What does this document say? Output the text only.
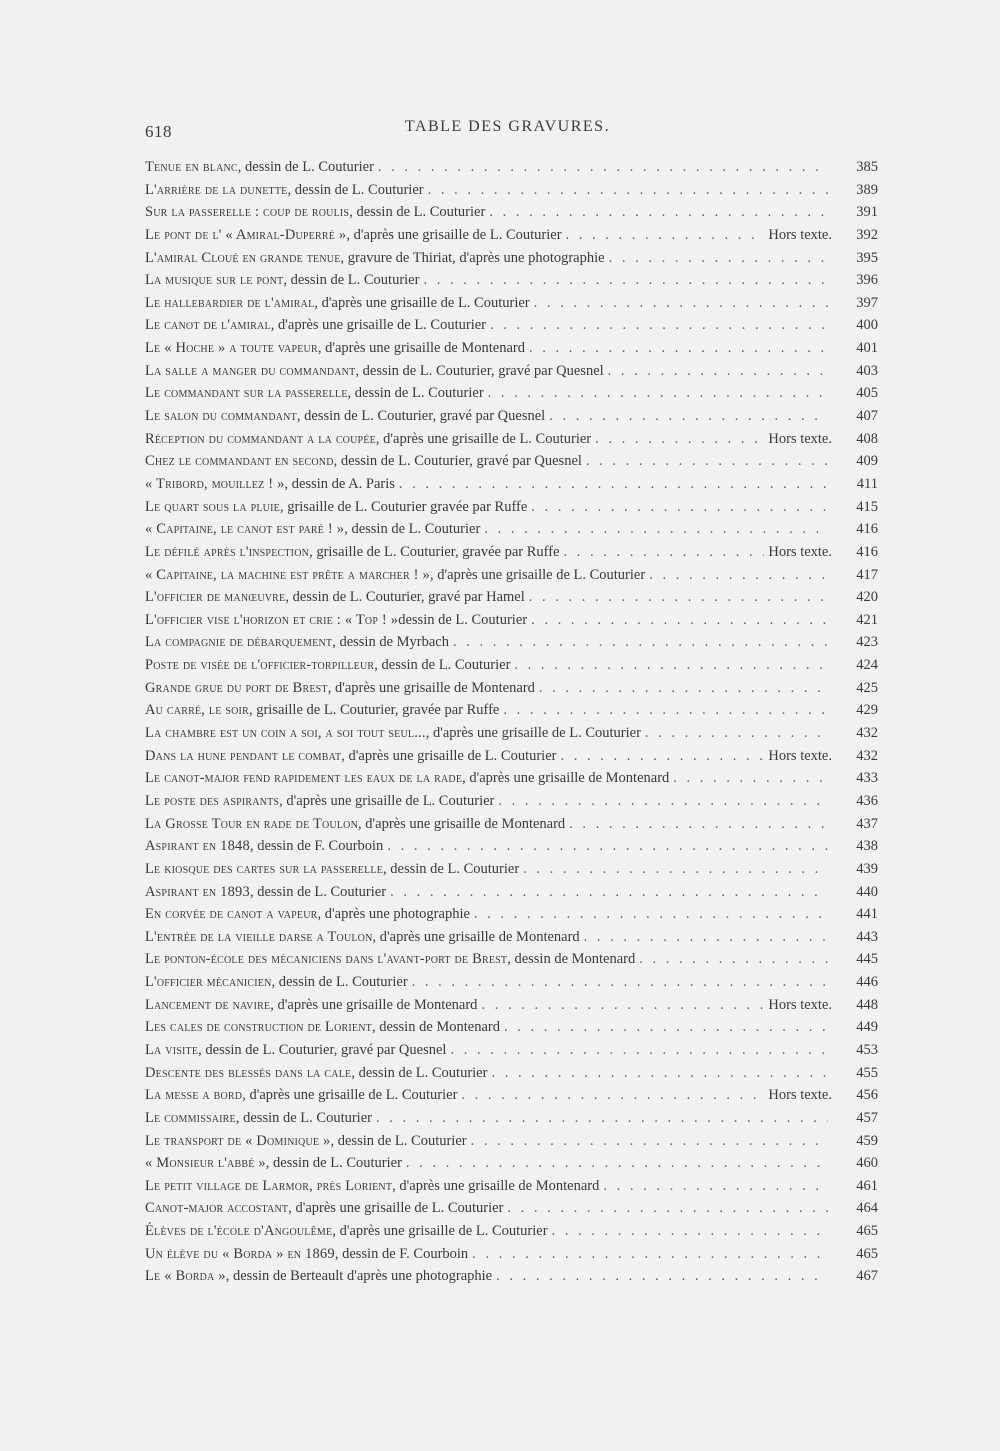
618	TABLE DES GRAVURES.
Tenue en blanc , dessin de L. Couturier . . .	385
L'arrière de la dunette , dessin de L. Couturier . . .	389
Sur la passerelle : coup de roulis , dessin de L. Couturier . . .	391
Le pont de l' « Amiral-Duperré » , d'après une grisaille de L. Couturier . . .	Hors texte.	392
L'amiral Cloué en grande tenue , gravure de Thiriat, d'après une photographie . . .	395
La musique sur le pont , dessin de L. Couturier . . .	396
Le hallebardier de l'amiral , d'après une grisaille de L. Couturier . . .	397
Le canot de l'amiral , d'après une grisaille de L. Couturier . . .	400
Le « Hoche » a toute vapeur , d'après une grisaille de Montenard . . .	401
La salle a manger du commandant , dessin de L. Couturier, gravé par Quesnel . . .	403
Le commandant sur la passerelle , dessin de L. Couturier . . .	405
Le salon du commandant , dessin de L. Couturier, gravé par Quesnel . . .	407
Réception du commandant a la coupée , d'après une grisaille de L. Couturier . . .	Hors texte.	408
Chez le commandant en second , dessin de L. Couturier, gravé par Quesnel . . .	409
« Tribord, mouillez ! » , dessin de A. Paris . . .	411
Le quart sous la pluie , grisaille de L. Couturier gravée par Ruffe . . .	415
« Capitaine, le canot est paré ! » , dessin de L. Couturier . . .	416
Le défilé après l'inspection , grisaille de L. Couturier, gravée par Ruffe . . .	Hors texte.	416
« Capitaine, la machine est prête a marcher ! » , d'après une grisaille de L. Couturier . . .	417
L'officier de manœuvre , dessin de L. Couturier, gravé par Hamel . . .	420
L'officier vise l'horizon et crie : « Top ! » dessin de L. Couturier . . .	421
La compagnie de débarquement , dessin de Myrbach . . .	423
Poste de visée de l'officier-torpilleur , dessin de L. Couturier . . .	424
Grande grue du port de Brest , d'après une grisaille de Montenard . . .	425
Au carré, le soir , grisaille de L. Couturier, gravée par Ruffe . . .	429
La chambre est un coin a soi, a soi tout seul... , d'après une grisaille de L. Couturier . . .	432
Dans la hune pendant le combat , d'après une grisaille de L. Couturier . . .	Hors texte.	432
Le canot-major fend rapidement les eaux de la rade , d'après une grisaille de Montenard . . .	433
Le poste des aspirants , d'après une grisaille de L. Couturier . . .	436
La Grosse Tour en rade de Toulon , d'après une grisaille de Montenard . . .	437
Aspirant en 1848 , dessin de F. Courboin . . .	438
Le kiosque des cartes sur la passerelle , dessin de L. Couturier . . .	439
Aspirant en 1893 , dessin de L. Couturier . . .	440
En corvée de canot a vapeur , d'après une photographie . . .	441
L'entrée de la vieille darse a Toulon , d'après une grisaille de Montenard . . .	443
Le ponton-école des mécaniciens dans l'avant-port de Brest , dessin de Montenard . . .	445
L'officier mécanicien , dessin de L. Couturier . . .	446
Lancement de navire , d'après une grisaille de Montenard . . .	Hors texte.	448
Les cales de construction de Lorient , dessin de Montenard . . .	449
La visite , dessin de L. Couturier, gravé par Quesnel . . .	453
Descente des blessés dans la cale , dessin de L. Couturier . . .	455
La messe a bord , d'après une grisaille de L. Couturier . . .	Hors texte.	456
Le commissaire , dessin de L. Couturier . . .	457
Le transport de « Dominique » , dessin de L. Couturier . . .	459
« Monsieur l'abbé » , dessin de L. Couturier . . .	460
Le petit village de Larmor, près Lorient , d'après une grisaille de Montenard . . .	461
Canot-major accostant , d'après une grisaille de L. Couturier . . .	464
Élèves de l'école d'Angoulême , d'après une grisaille de L. Couturier . . .	465
Un élève du « Borda » en 1869 , dessin de F. Courboin . . .	465
Le « Borda » , dessin de Berteault d'après une photographie . . .	467
